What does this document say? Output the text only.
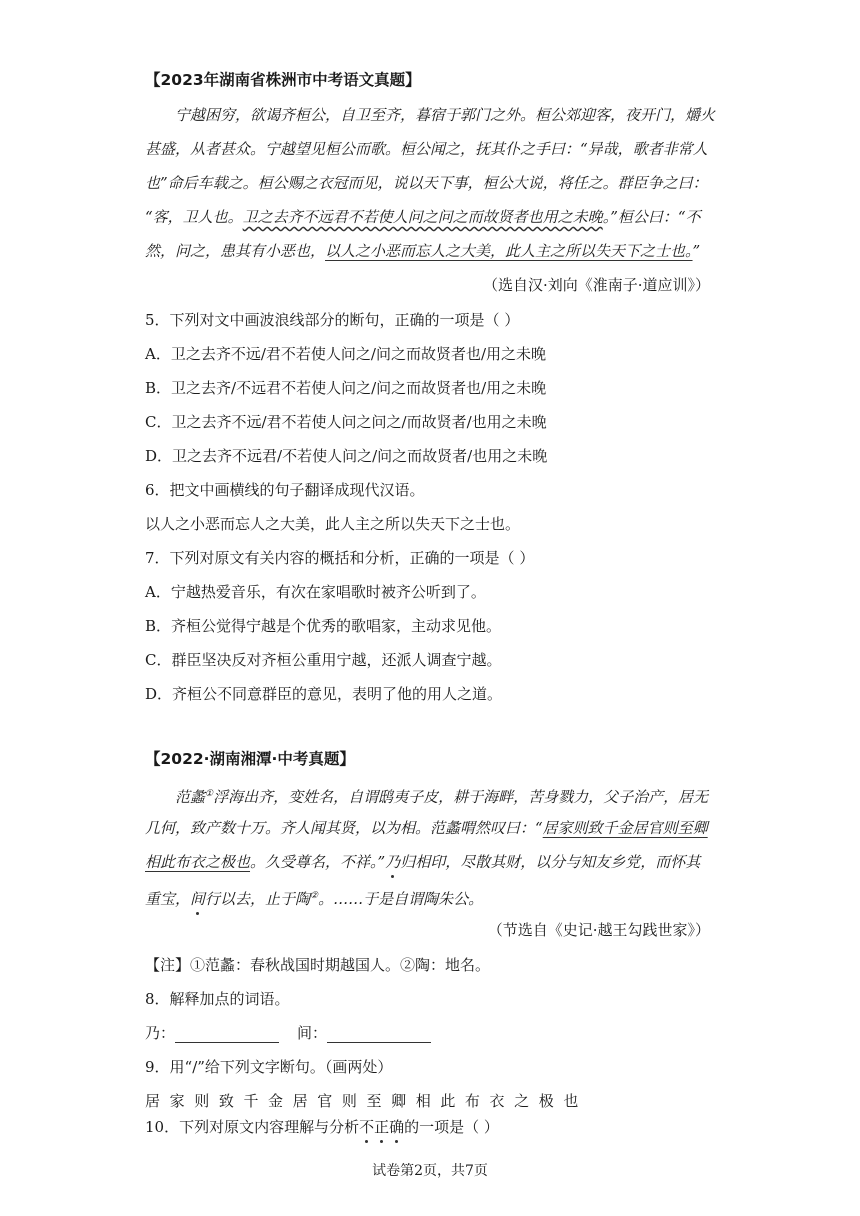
【2023年湖南省株洲市中考语文真题】
宁越困穷，欲谒齐桓公，自卫至齐，暮宿于郭门之外。桓公郊迎客，夜开门，爝火
甚盛，从者甚众。宁越望见桓公而歌。桓公闻之，抚其仆之手曰：“异哉，歌者非常人
也”命后车载之。桓公赐之衣冠而见，说以天下事，桓公大说，将任之。群臣争之曰：
“客，卫人也。卫之去齐不远君不若使人问之问之而故贤者也用之未晚。”桓公曰：“不
然，问之，患其有小恶也，以人之小恶而忘人之大美，此人主之所以失天下之士也。”
（选自汉·刘向《淮南子·道应训》）
5．下列对文中画波浪线部分的断句，正确的一项是（ ）
A．卫之去齐不远/君不若使人问之/问之而故贤者也/用之未晚
B．卫之去齐/不远君不若使人问之/问之而故贤者也/用之未晚
C．卫之去齐不远/君不若使人问之问之/而故贤者/也用之未晚
D．卫之去齐不远君/不若使人问之/问之而故贤者/也用之未晚
6．把文中画横线的句子翻译成现代汉语。
以人之小恶而忘人之大美，此人主之所以失天下之士也。
7．下列对原文有关内容的概括和分析，正确的一项是（ ）
A．宁越热爱音乐，有次在家唱歌时被齐公听到了。
B．齐桓公觉得宁越是个优秀的歌唱家，主动求见他。
C．群臣坚决反对齐桓公重用宁越，还派人调查宁越。
D．齐桓公不同意群臣的意见，表明了他的用人之道。
【2022·湖南湘潭·中考真题】
范蠡①浮海出齐，变姓名，自谓鸱夷子皮，耕于海畔，苦身戮力，父子治产，居无
几何，致产数十万。齐人闻其贤，以为相。范蠡喟然叹曰：“居家则致千金居官则至卿
相此布衣之极也。久受尊名，不祥。”乃归相印，尽散其财，以分与知友乡党，而怀其
重宝，间行以去，止于陶②。……于是自谓陶朱公。
（节选自《史记·越王勾践世家》）
【注】①范蠡：春秋战国时期越国人。②陶：地名。
8．解释加点的词语。
乃：	间：
9．用“/”给下列文字断句。（画两处）
居 家 则 致 千 金 居 官 则 至 卿 相 此 布 衣 之 极 也
10．下列对原文内容理解与分析不正确的一项是（ ）
试卷第2页，共7页
